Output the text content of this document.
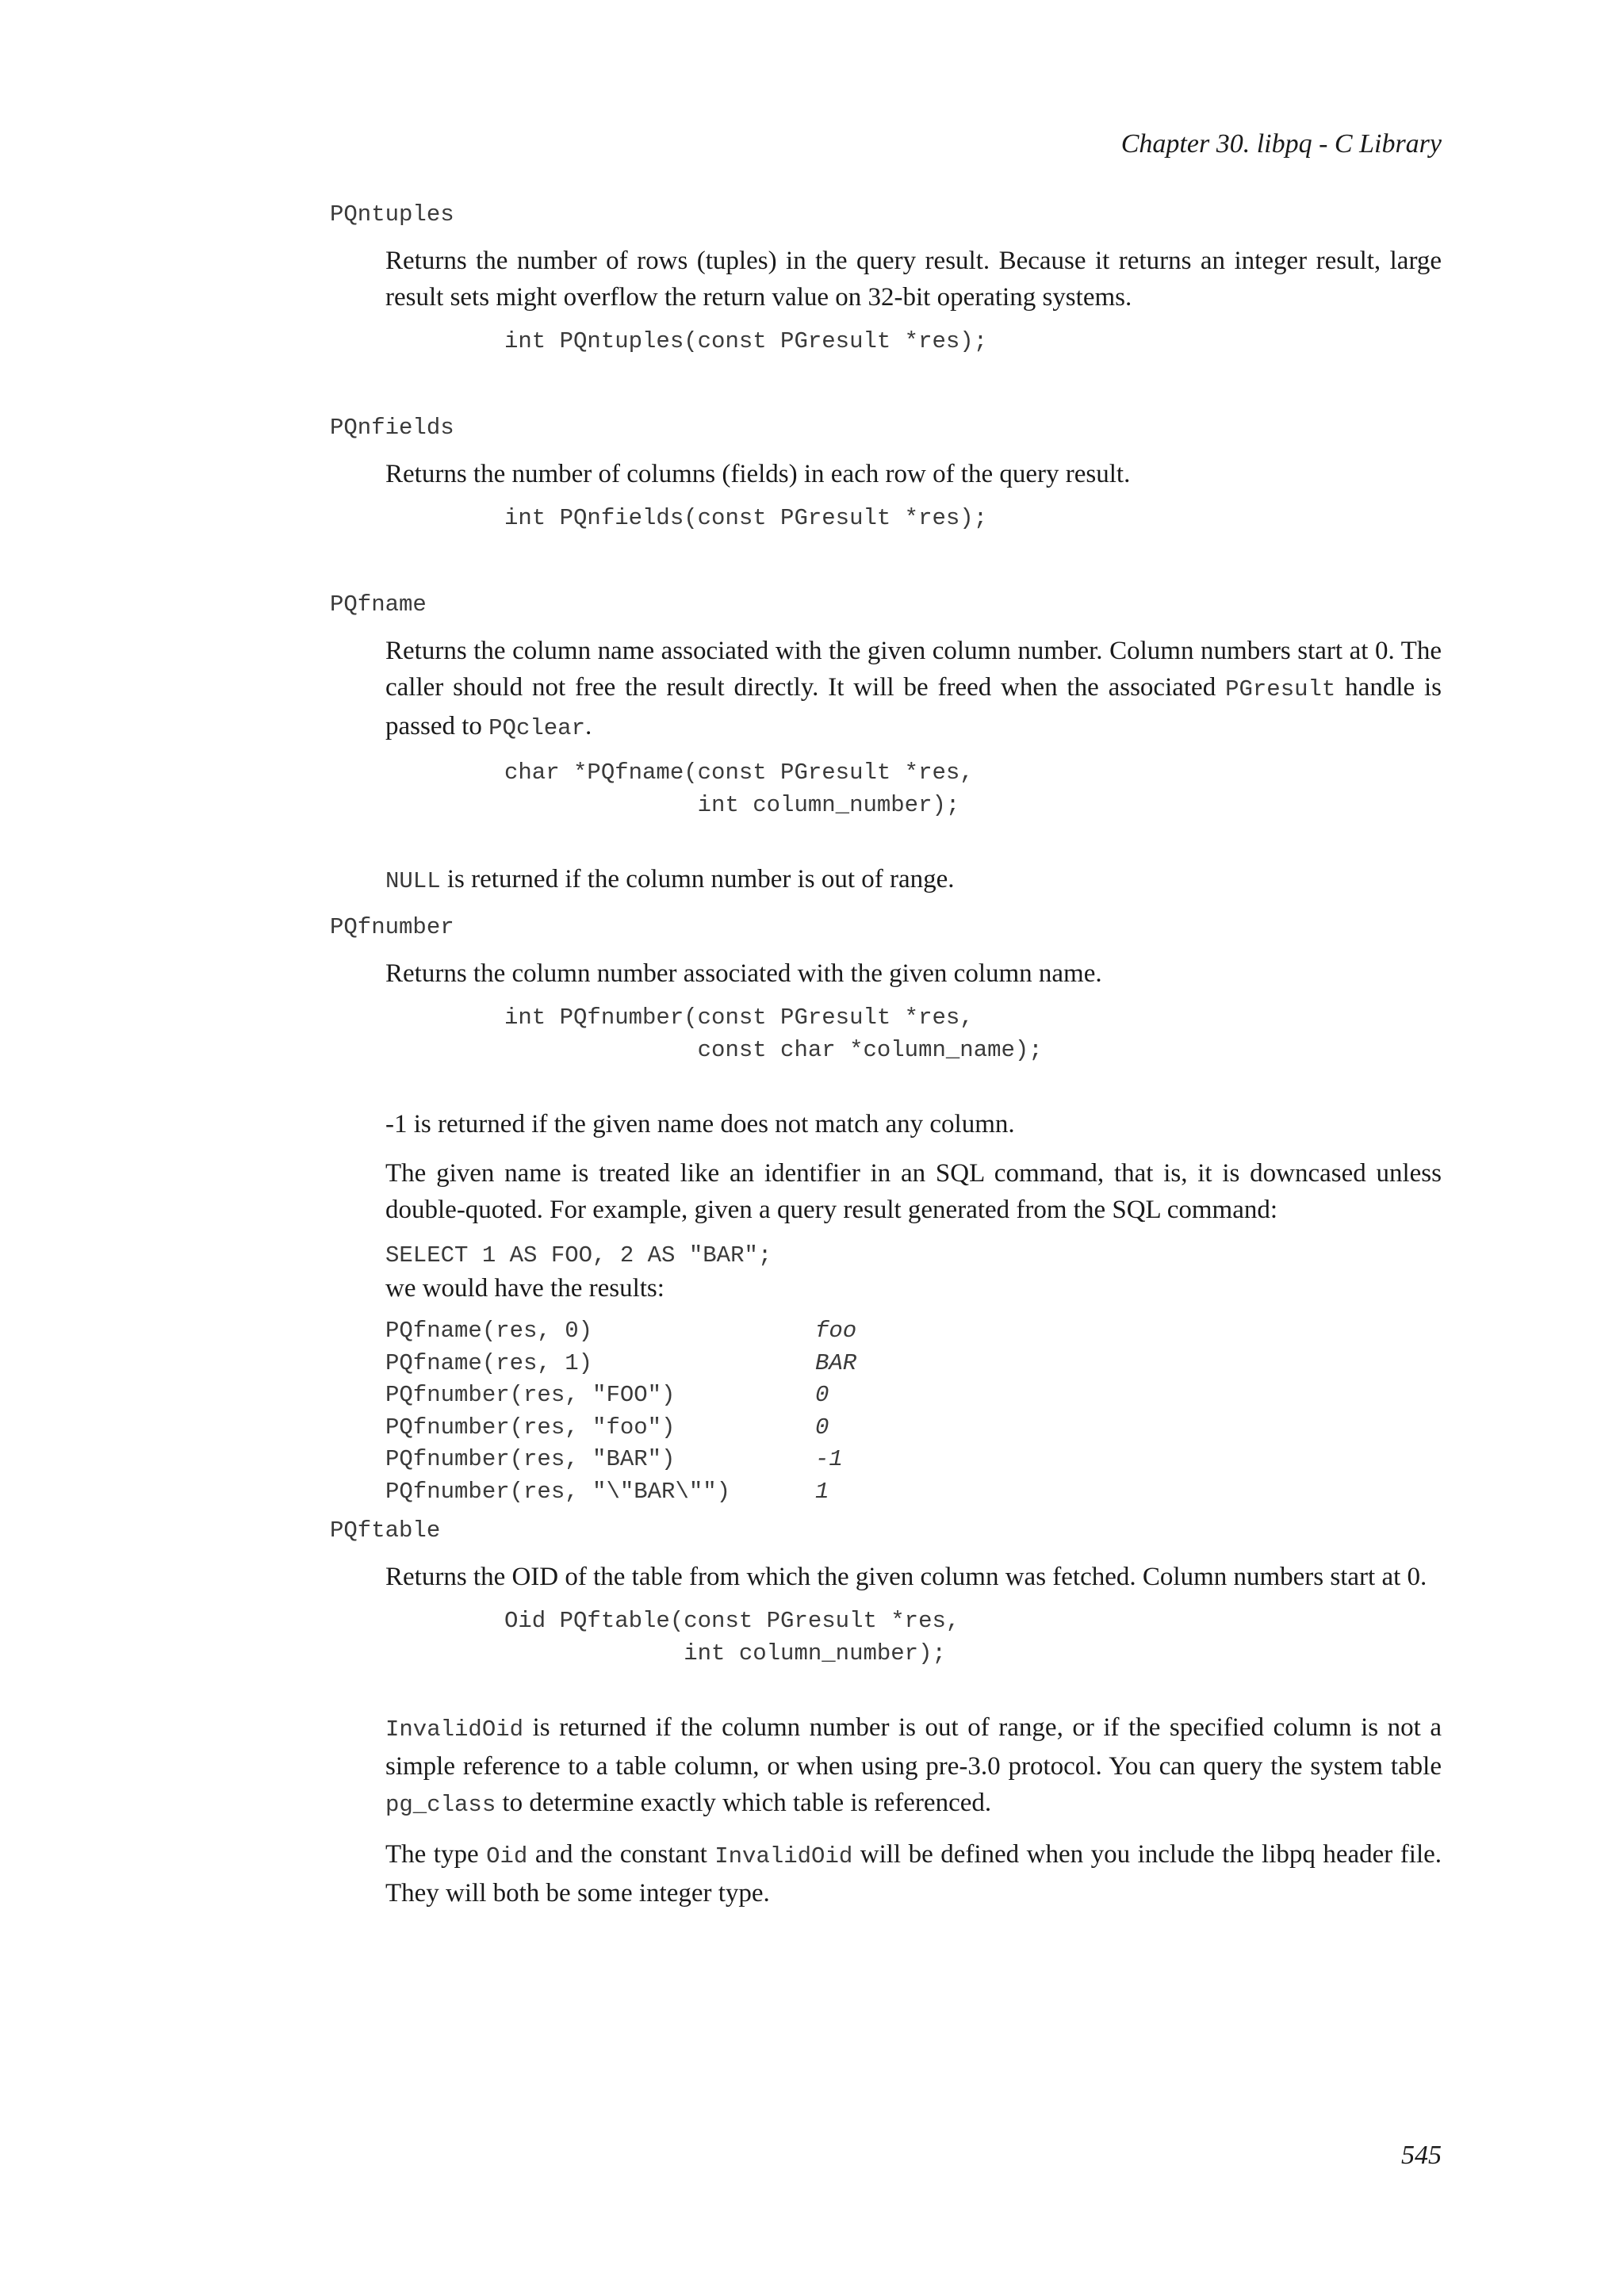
Chapter 30. libpq - C Library

PQntuples

Returns the number of rows (tuples) in the query result. Because it returns an integer result, large result sets might overflow the return value on 32-bit operating systems.

int PQntuples(const PGresult *res);

PQnfields

Returns the number of columns (fields) in each row of the query result.

int PQnfields(const PGresult *res);

PQfname

Returns the column name associated with the given column number. Column numbers start at 0. The caller should not free the result directly. It will be freed when the associated PGresult handle is passed to PQclear.

char *PQfname(const PGresult *res,
int column_number);

NULL is returned if the column number is out of range.

PQfnumber

Returns the column number associated with the given column name.

int PQfnumber(const PGresult *res,
const char *column_name);

-1 is returned if the given name does not match any column.

The given name is treated like an identifier in an SQL command, that is, it is downcased unless double-quoted. For example, given a query result generated from the SQL command:

SELECT 1 AS FOO, 2 AS "BAR";

we would have the results:

PQfname(res, 0)	foo
PQfname(res, 1)	BAR
PQfnumber(res, "FOO")	0
PQfnumber(res, "foo")	0
PQfnumber(res, "BAR")	-1
PQfnumber(res, "\"BAR\"")	1

PQftable

Returns the OID of the table from which the given column was fetched. Column numbers start at 0.

Oid PQftable(const PGresult *res,
int column_number);

InvalidOid is returned if the column number is out of range, or if the specified column is not a simple reference to a table column, or when using pre-3.0 protocol. You can query the system table pg_class to determine exactly which table is referenced.

The type Oid and the constant InvalidOid will be defined when you include the libpq header file. They will both be some integer type.

545
